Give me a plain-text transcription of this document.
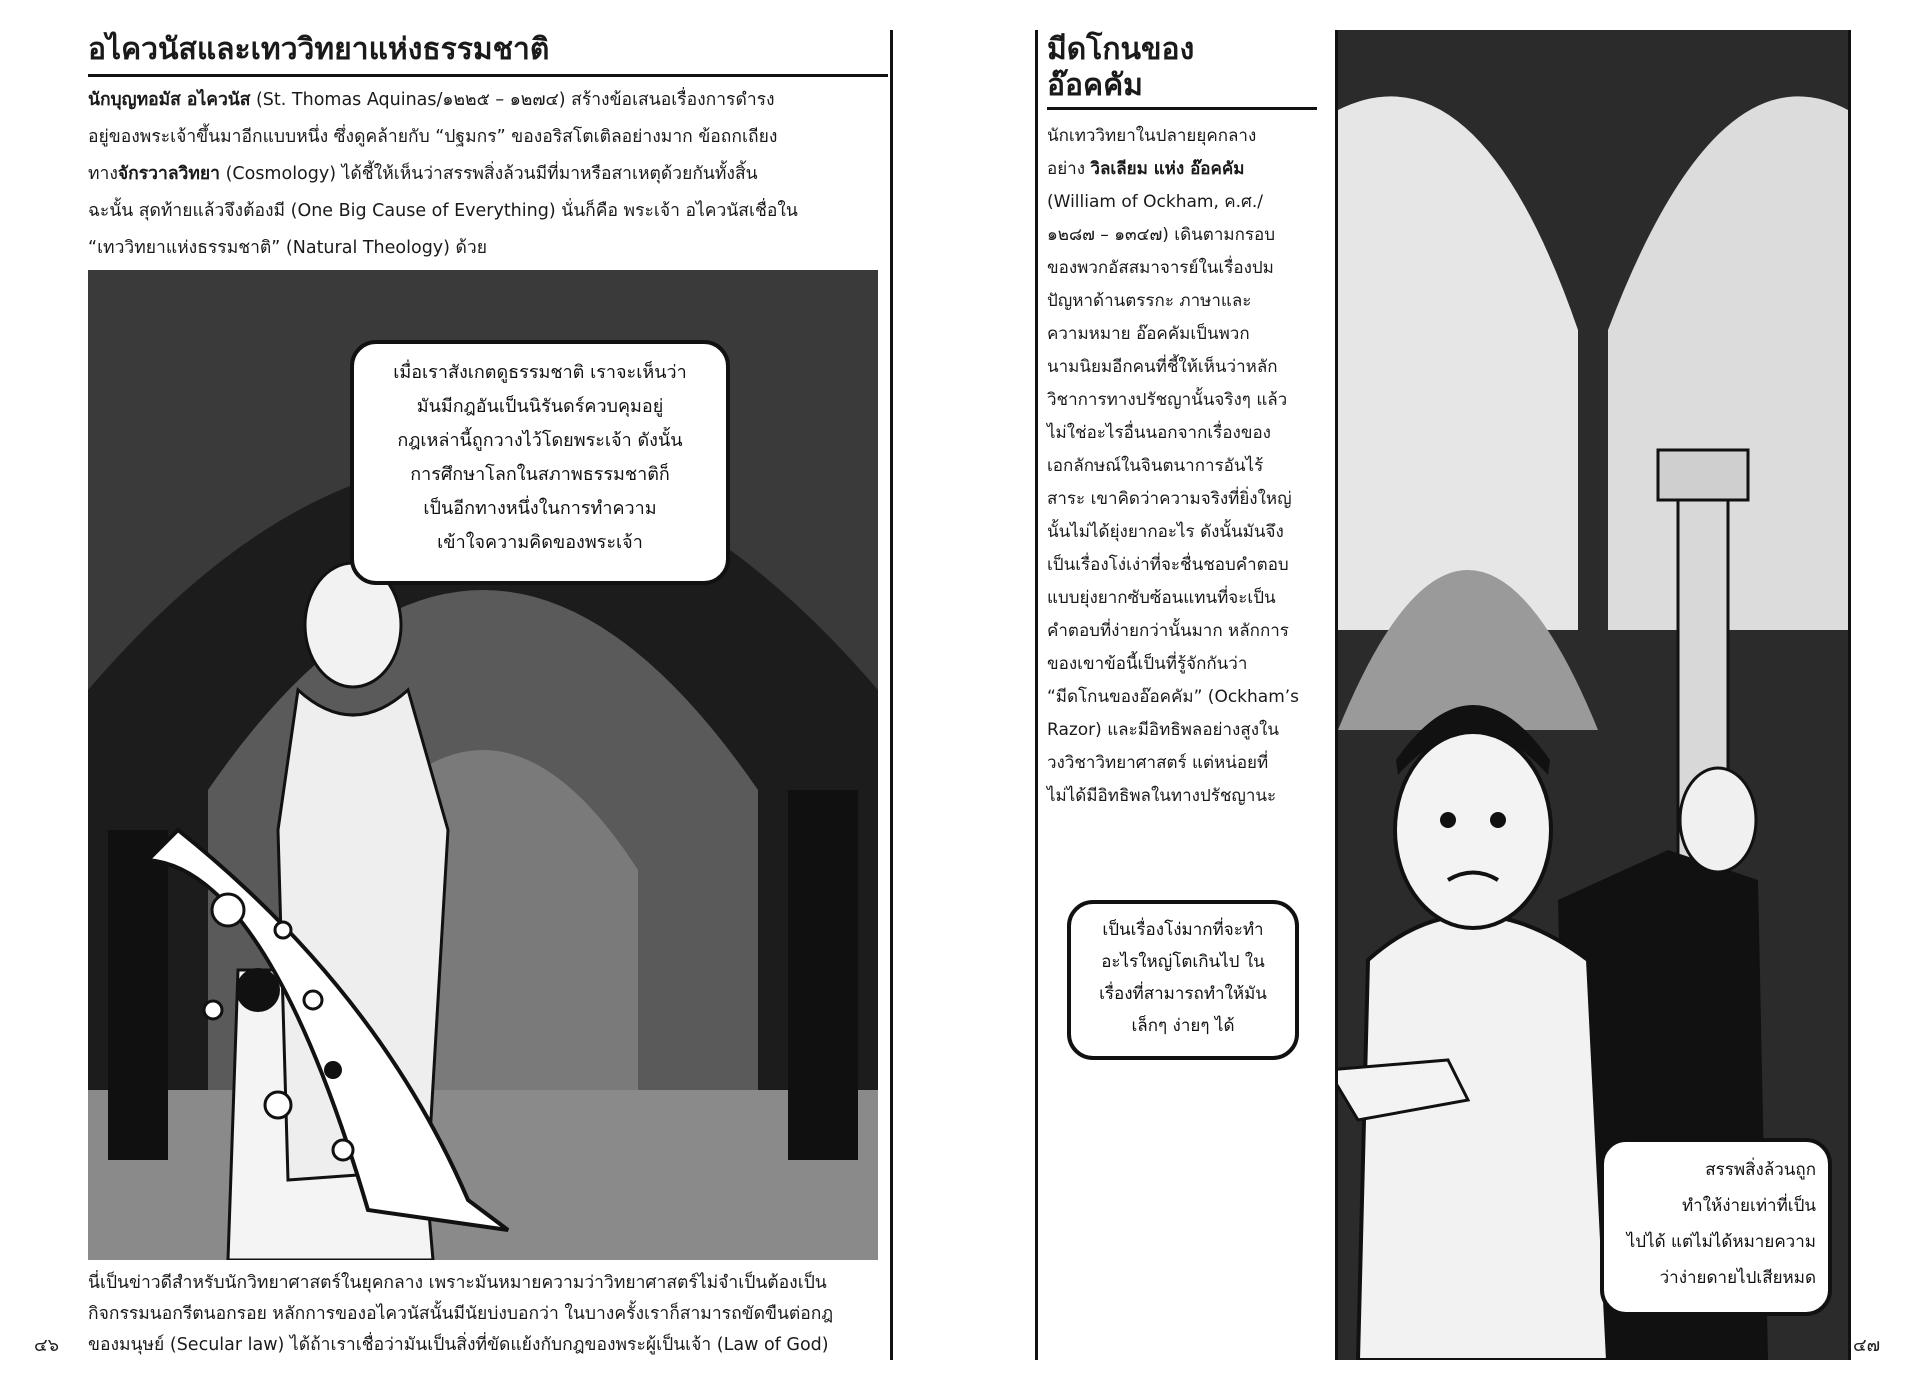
อไควนัสและเทววิทยาแห่งธรรมชาติ
นักบุญทอมัส อไควนัส (St. Thomas Aquinas/๑๒๒๕ – ๑๒๗๔) สร้างข้อเสนอเรื่องการดำรง
อยู่ของพระเจ้าขึ้นมาอีกแบบหนึ่ง ซึ่งดูคล้ายกับ “ปฐมกร” ของอริสโตเติลอย่างมาก ข้อถกเถียง
ทางจักรวาลวิทยา (Cosmology) ได้ชี้ให้เห็นว่าสรรพสิ่งล้วนมีที่มาหรือสาเหตุด้วยกันทั้งสิ้น
ฉะนั้น สุดท้ายแล้วจึงต้องมี (One Big Cause of Everything) นั่นก็คือ พระเจ้า อไควนัสเชื่อใน
“เทววิทยาแห่งธรรมชาติ” (Natural Theology) ด้วย

เมื่อเราสังเกตดูธรรมชาติ เราจะเห็นว่า

มันมีกฎอันเป็นนิรันดร์ควบคุมอยู่

กฎเหล่านี้ถูกวางไว้โดยพระเจ้า ดังนั้น

การศึกษาโลกในสภาพธรรมชาติก็

เป็นอีกทางหนึ่งในการทำความ

เข้าใจความคิดของพระเจ้า

นี่เป็นข่าวดีสำหรับนักวิทยาศาสตร์ในยุคกลาง เพราะมันหมายความว่าวิทยาศาสตร์ไม่จำเป็นต้องเป็น
กิจกรรมนอกรีตนอกรอย หลักการของอไควนัสนั้นมีนัยบ่งบอกว่า ในบางครั้งเราก็สามารถขัดขืนต่อกฎ
ของมนุษย์ (Secular law) ได้ถ้าเราเชื่อว่ามันเป็นสิ่งที่ขัดแย้งกับกฎของพระผู้เป็นเจ้า (Law of God)
๔๖
มีดโกนของ
อ๊อคคัม
นักเทววิทยาในปลายยุคกลาง
อย่าง วิลเลียม แห่ง อ๊อคคัม
(William of Ockham, ค.ศ./
๑๒๘๗ – ๑๓๔๗) เดินตามกรอบ
ของพวกอัสสมาจารย์ในเรื่องปม
ปัญหาด้านตรรกะ ภาษาและ
ความหมาย อ๊อคคัมเป็นพวก
นามนิยมอีกคนที่ชี้ให้เห็นว่าหลัก
วิชาการทางปรัชญานั้นจริงๆ แล้ว
ไม่ใช่อะไรอื่นนอกจากเรื่องของ
เอกลักษณ์ในจินตนาการอันไร้
สาระ เขาคิดว่าความจริงที่ยิ่งใหญ่
นั้นไม่ได้ยุ่งยากอะไร ดังนั้นมันจึง
เป็นเรื่องโง่เง่าที่จะชื่นชอบคำตอบ
แบบยุ่งยากซับซ้อนแทนที่จะเป็น
คำตอบที่ง่ายกว่านั้นมาก หลักการ
ของเขาข้อนี้เป็นที่รู้จักกันว่า
“มีดโกนของอ๊อคคัม” (Ockham’s
Razor) และมีอิทธิพลอย่างสูงใน
วงวิชาวิทยาศาสตร์ แต่หน่อยที่
ไม่ได้มีอิทธิพลในทางปรัชญานะ

เป็นเรื่องโง่มากที่จะทำ

อะไรใหญ่โตเกินไป ใน

เรื่องที่สามารถทำให้มัน

เล็กๆ ง่ายๆ ได้

สรรพสิ่งล้วนถูก

ทำให้ง่ายเท่าที่เป็น

ไปได้ แต่ไม่ได้หมายความ

ว่าง่ายดายไปเสียหมด

๔๗
